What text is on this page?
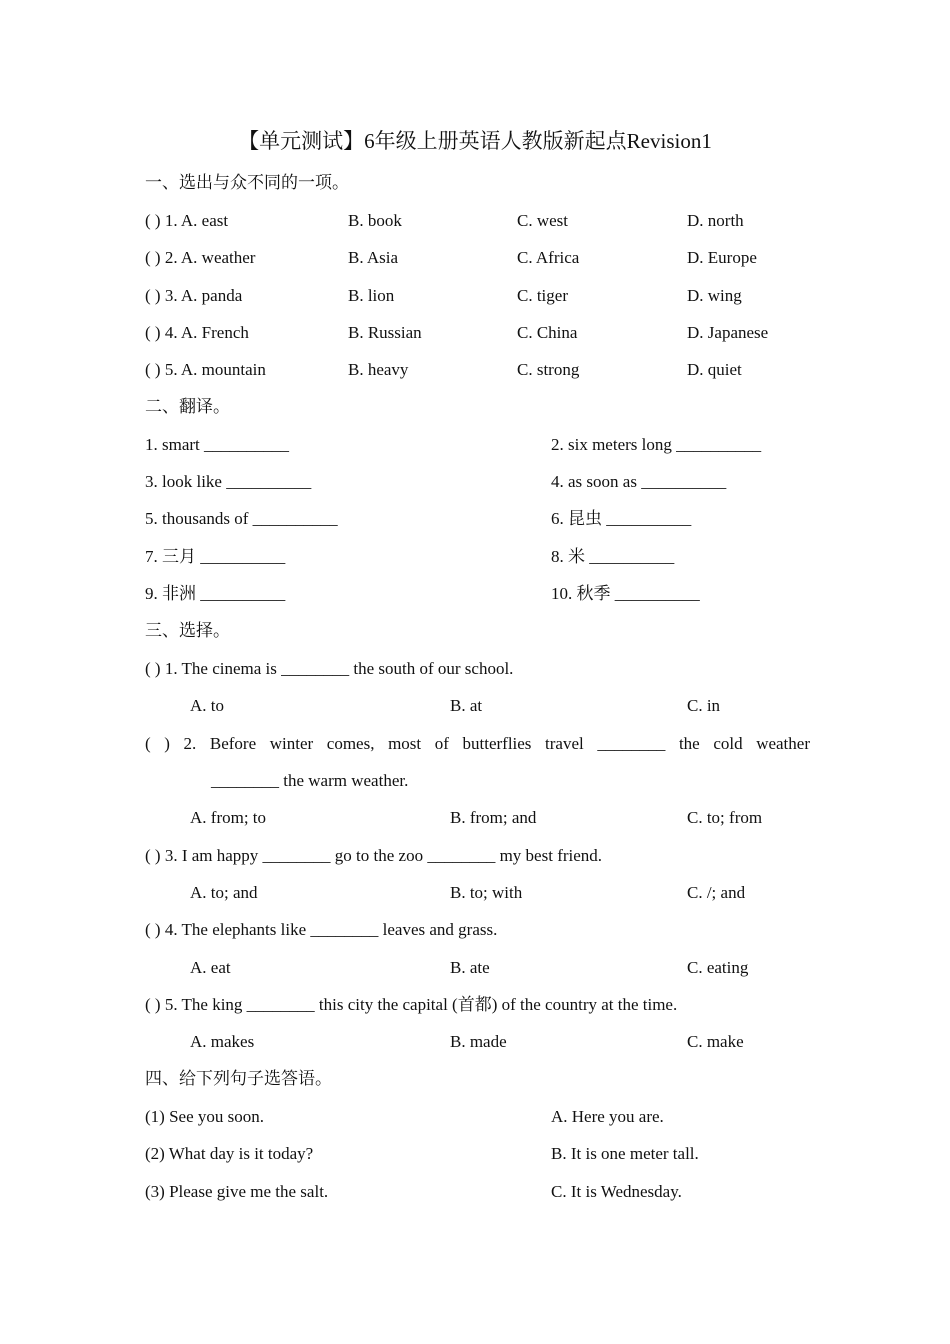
【单元测试】6年级上册英语人教版新起点Revision1
一、选出与众不同的一项。
( ) 1. A. east	B. book	C. west	D. north
( ) 2. A. weather	B. Asia	C. Africa	D. Europe
( ) 3. A. panda	B. lion	C. tiger	D. wing
( ) 4. A. French	B. Russian	C. China	D. Japanese
( ) 5. A. mountain	B. heavy	C. strong	D. quiet
二、翻译。
1. smart __________	2. six meters long __________
3. look like __________	4. as soon as __________
5. thousands of __________	6. 昆虫 __________
7. 三月 __________	8. 米 __________
9. 非洲 __________	10. 秋季 __________
三、选择。
( ) 1. The cinema is ________ the south of our school.
A. to	B. at	C. in
( ) 2. Before winter comes, most of butterflies travel ________ the cold weather
________ the warm weather.
A. from; to	B. from; and	C. to; from
( ) 3. I am happy ________ go to the zoo ________ my best friend.
A. to; and	B. to; with	C. /; and
( ) 4. The elephants like ________ leaves and grass.
A. eat	B. ate	C. eating
( ) 5. The king ________ this city the capital (首都) of the country at the time.
A. makes	B. made	C. make
四、给下列句子选答语。
(1) See you soon.	A. Here you are.
(2) What day is it today?	B. It is one meter tall.
(3) Please give me the salt.	C. It is Wednesday.
